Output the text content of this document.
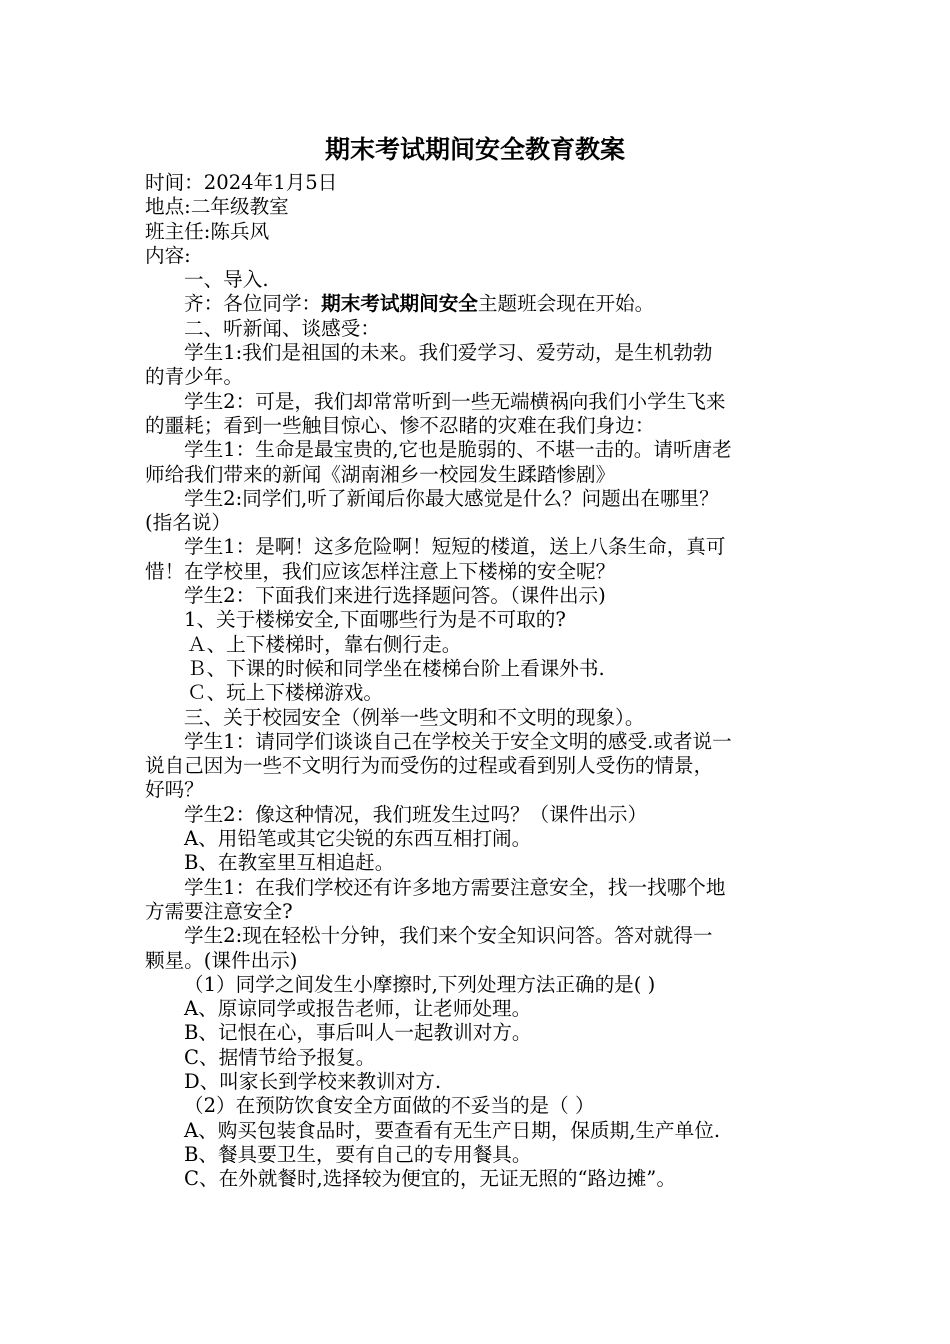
期末考试期间安全教育教案

时间：2024年1月5日

地点:二年级教室

班主任:陈兵风

内容:

一、导入.

齐：各位同学：期末考试期间安全主题班会现在开始。

二、听新闻、谈感受：

学生1:我们是祖国的未来。我们爱学习、爱劳动，是生机勃勃

的青少年。

学生2：可是，我们却常常听到一些无端横祸向我们小学生飞来

的噩耗；看到一些触目惊心、惨不忍睹的灾难在我们身边：

学生1：生命是最宝贵的,它也是脆弱的、不堪一击的。请听唐老

师给我们带来的新闻《湖南湘乡一校园发生蹂踏惨剧》

学生2:同学们,听了新闻后你最大感觉是什么？问题出在哪里？

(指名说）

学生1：是啊！这多危险啊！短短的楼道，送上八条生命，真可

惜！在学校里，我们应该怎样注意上下楼梯的安全呢？

学生2：下面我们来进行选择题问答。（课件出示)

1、关于楼梯安全,下面哪些行为是不可取的?

Ａ、上下楼梯时，靠右侧行走。

Ｂ、下课的时候和同学坐在楼梯台阶上看课外书.

Ｃ、玩上下楼梯游戏。

三、关于校园安全（例举一些文明和不文明的现象）。

学生1：请同学们谈谈自己在学校关于安全文明的感受.或者说一

说自己因为一些不文明行为而受伤的过程或看到别人受伤的情景，

好吗？

学生2：像这种情况，我们班发生过吗？（课件出示）

A、用铅笔或其它尖锐的东西互相打闹。

B、在教室里互相追赶。

学生1：在我们学校还有许多地方需要注意安全，找一找哪个地

方需要注意安全?

学生2:现在轻松十分钟，我们来个安全知识问答。答对就得一

颗星。(课件出示)

（1）同学之间发生小摩擦时,下列处理方法正确的是( )

A、原谅同学或报告老师，让老师处理。

B、记恨在心，事后叫人一起教训对方。

C、据情节给予报复。

D、叫家长到学校来教训对方.

（2）在预防饮食安全方面做的不妥当的是（ ）

A、购买包装食品时，要查看有无生产日期，保质期,生产单位.

B、餐具要卫生，要有自己的专用餐具。

C、在外就餐时,选择较为便宜的，无证无照的“路边摊”。
